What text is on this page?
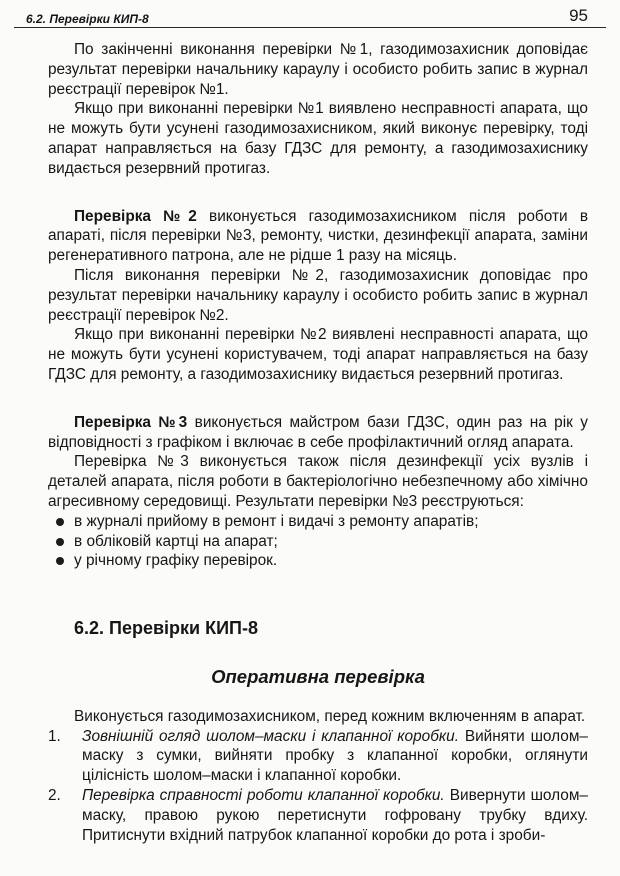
6.2. Перевірки КИП-8	95

По закінченні виконання перевірки №1, газодимозахисник доповідає результат перевірки начальнику караулу і особисто робить запис в журнал реєстрації перевірок №1.

Якщо при виконанні перевірки №1 виявлено несправності апарата, що не можуть бути усунені газодимозахисником, який виконує перевірку, тоді апарат направляється на базу ГДЗС для ремонту, а газодимозахиснику видається резервний протигаз.

Перевірка №2 виконується газодимозахисником після роботи в апараті, після перевірки №3, ремонту, чистки, дезинфекції апарата, заміни регенеративного патрона, але не рідше 1 разу на місяць.

Після виконання перевірки №2, газодимозахисник доповідає про результат перевірки начальнику караулу і особисто робить запис в журнал реєстрації перевірок №2.

Якщо при виконанні перевірки №2 виявлені несправності апарата, що не можуть бути усунені користувачем, тоді апарат направляється на базу ГДЗС для ремонту, а газодимозахиснику видається резервний протигаз.

Перевірка №3 виконується майстром бази ГДЗС, один раз на рік у відповідності з графіком і включає в себе профілактичний огляд апарата.

Перевірка №3 виконується також після дезинфекції усіх вузлів і деталей апарата, після роботи в бактеріологічно небезпечному або хімічно агресивному середовищі. Результати перевірки №3 реєструються:

в журналі прийому в ремонт і видачі з ремонту апаратів;
в обліковій картці на апарат;
у річному графіку перевірок.
6.2. Перевірки КИП-8
Оперативна перевірка

Виконується газодимозахисником, перед кожним включенням в апарат.

1. Зовнішній огляд шолом–маски і клапанної коробки. Вийняти шолом–маску з сумки, вийняти пробку з клапанної коробки, оглянути цілісність шолом–маски і клапанної коробки.
2. Перевірка справності роботи клапанної коробки. Вивернути шолом–маску, правою рукою перетиснути гофровану трубку вдиху. Притиснути вхідний патрубок клапанної коробки до рота і зроби-
